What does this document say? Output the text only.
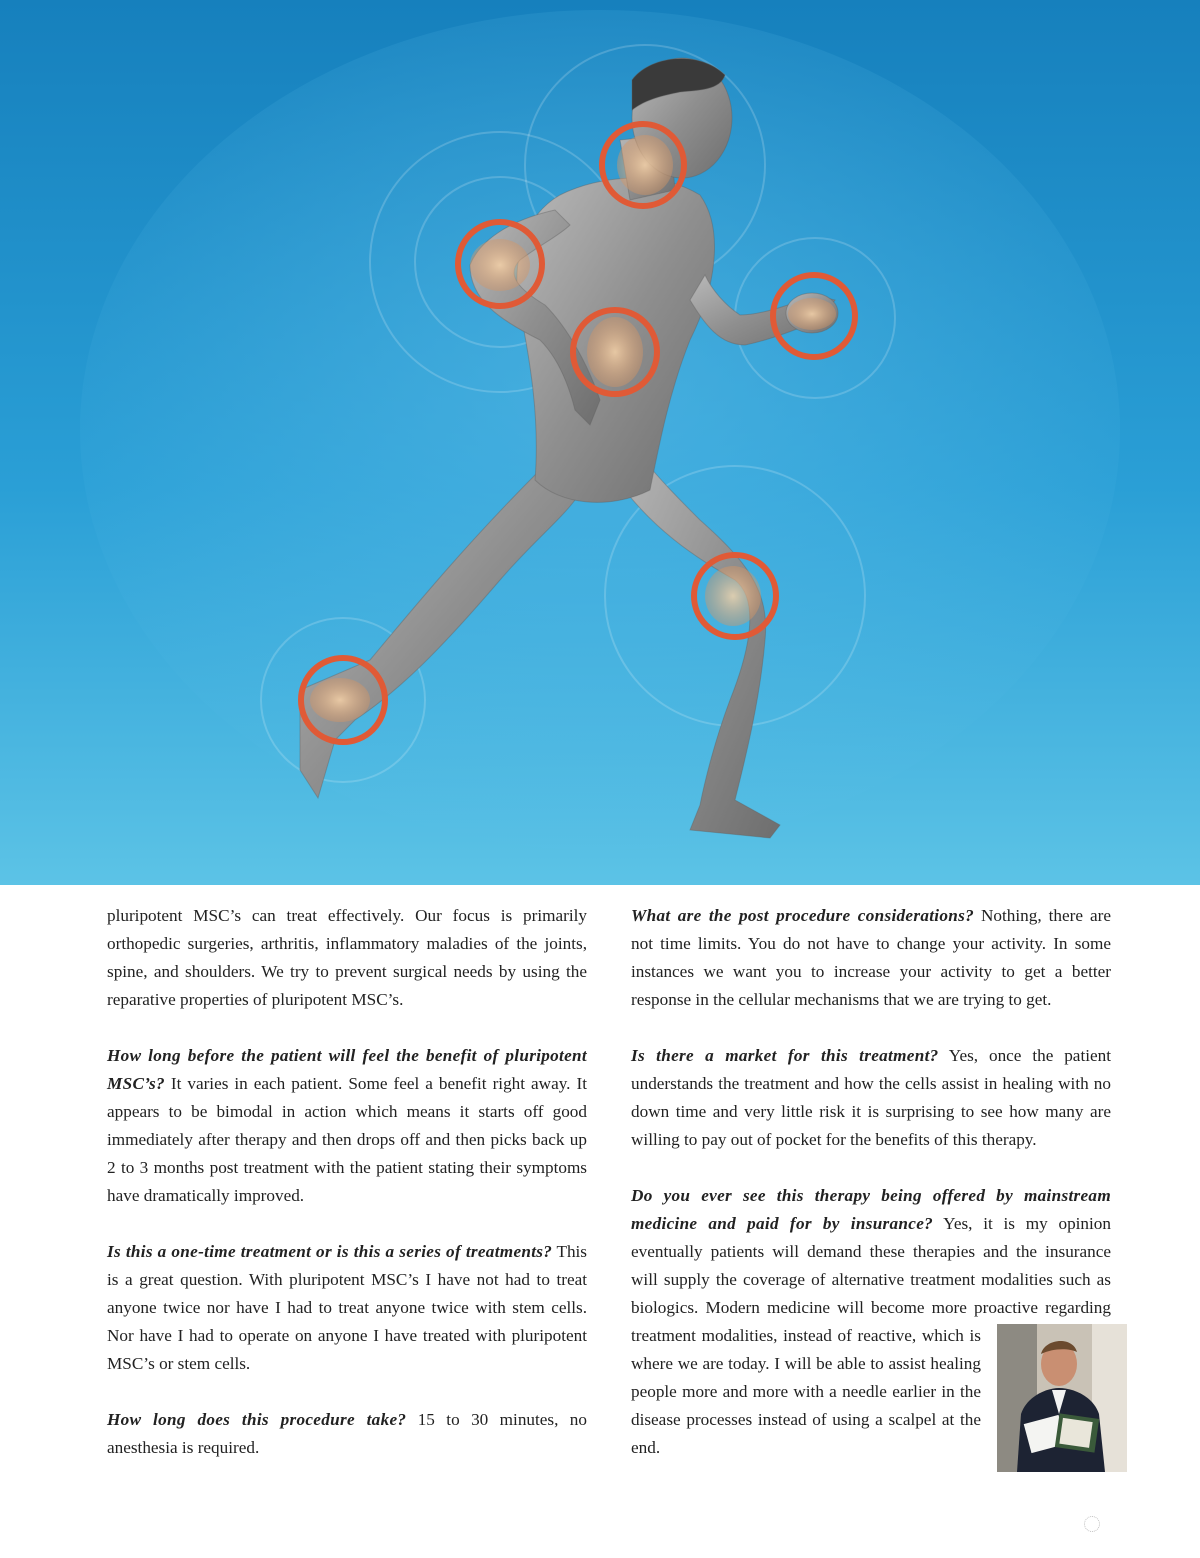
pluripotent MSC’s can treat effectively. Our focus is primarily orthopedic surgeries, arthritis, inflammatory maladies of the joints, spine, and shoulders. We try to prevent surgical needs by using the reparative properties of pluripotent MSC’s.

How long before the patient will feel the benefit of pluripotent MSC’s? It varies in each patient. Some feel a benefit right away. It appears to be bimodal in action which means it starts off good immediately after therapy and then drops off and then picks back up 2 to 3 months post treatment with the patient stating their symptoms have dramatically improved.

Is this a one-time treatment or is this a series of treatments? This is a great question. With pluripotent MSC’s I have not had to treat anyone twice nor have I had to treat anyone twice with stem cells. Nor have I had to operate on anyone I have treated with pluripotent MSC’s or stem cells.

How long does this procedure take? 15 to 30 minutes, no anesthesia is required.

What are the post procedure considerations? Nothing, there are not time limits. You do not have to change your activity. In some instances we want you to increase your activity to get a better response in the cellular mechanisms that we are trying to get.

Is there a market for this treatment? Yes, once the patient understands the treatment and how the cells assist in healing with no down time and very little risk it is surprising to see how many are willing to pay out of pocket for the benefits of this therapy.

Do you ever see this therapy being offered by mainstream medicine and paid for by insurance? Yes, it is my opinion eventually patients will demand these therapies and the insurance will supply the coverage of alternative treatment modalities such as biologics. Modern medicine will become more proactive
regarding treatment modalities, instead of reactive, which is where we are today. I will be able to assist healing people more and more with a needle earlier in the disease processes instead of using a scalpel at the end.
